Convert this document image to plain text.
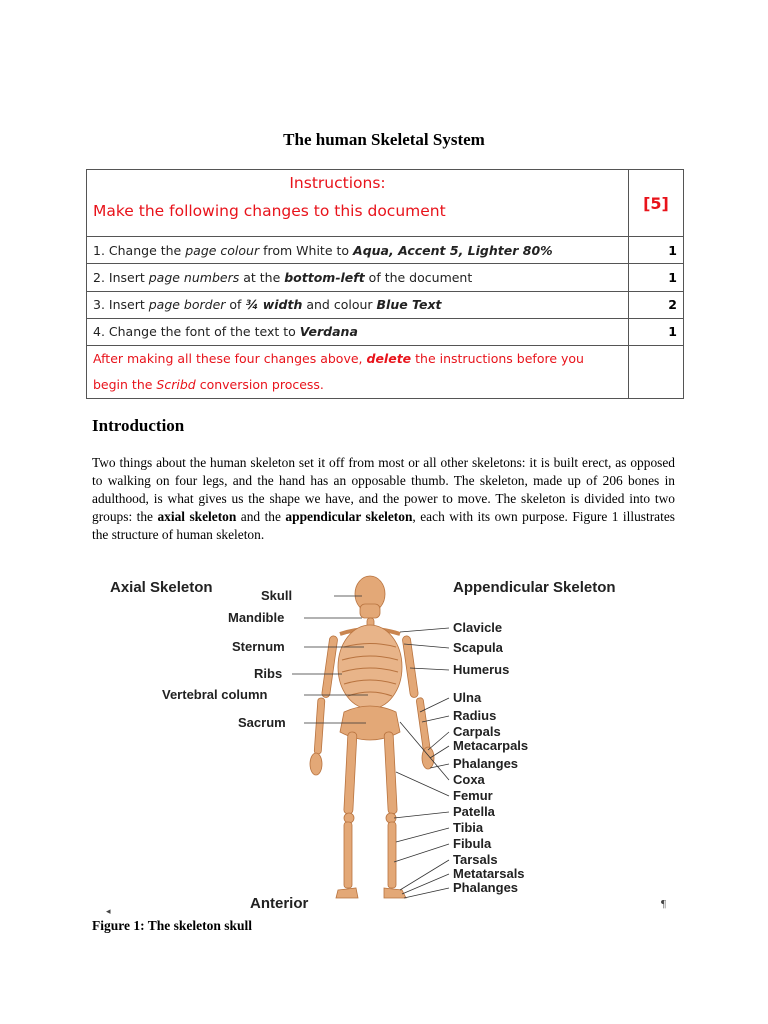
The human Skeletal System
Instructions:
Make the following changes to this document	[5]
1. Change the page colour from White to Aqua, Accent 5, Lighter 80%	1
2. Insert page numbers at the bottom-left of the document	1
3. Insert page border of ¾ width and colour Blue Text	2
4. Change the font of the text to Verdana	1
After making all these four changes above, delete the instructions before you begin the Scribd conversion process.	
Introduction

Two things about the human skeleton set it off from most or all other skeletons: it is built erect, as opposed to walking on four legs, and the hand has an opposable thumb. The skeleton, made up of 206 bones in adulthood, is what gives us the shape we have, and the power to move. The skeleton is divided into two groups: the axial skeleton and the appendicular skeleton, each with its own purpose. Figure 1 illustrates the structure of human skeleton.

Axial Skeleton	Appendicular Skeleton
Anterior
Skull
Mandible
Sternum
Ribs
Vertebral column
Sacrum
Clavicle
Scapula
Humerus
Ulna
Radius
Carpals
Metacarpals
Phalanges
Coxa
Femur
Patella
Tibia
Fibula
Tarsals
Metatarsals
Phalanges
◂
¶
Figure 1: The skeleton skull
